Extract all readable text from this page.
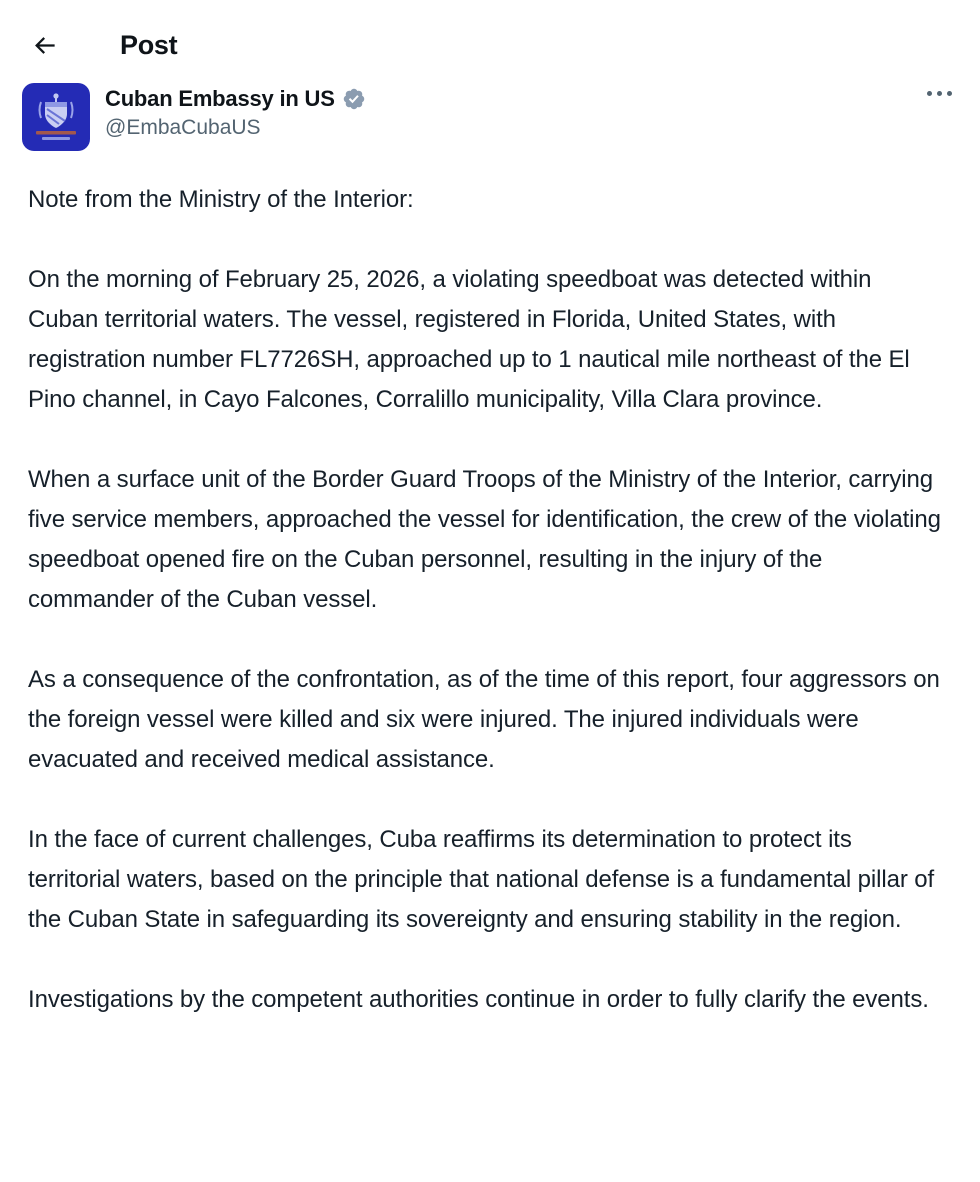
Post
Cuban Embassy in US
@EmbaCubaUS

Note from the Ministry of the Interior:

On the morning of February 25, 2026, a violating speedboat was detected within Cuban territorial waters. The vessel, registered in Florida, United States, with registration number FL7726SH, approached up to 1 nautical mile northeast of the El Pino channel, in Cayo Falcones, Corralillo municipality, Villa Clara province.

When a surface unit of the Border Guard Troops of the Ministry of the Interior, carrying five service members, approached the vessel for identification, the crew of the violating speedboat opened fire on the Cuban personnel, resulting in the injury of the commander of the Cuban vessel.

As a consequence of the confrontation, as of the time of this report, four aggressors on the foreign vessel were killed and six were injured. The injured individuals were evacuated and received medical assistance.

In the face of current challenges, Cuba reaffirms its determination to protect its territorial waters, based on the principle that national defense is a fundamental pillar of the Cuban State in safeguarding its sovereignty and ensuring stability in the region.

Investigations by the competent authorities continue in order to fully clarify the events.
